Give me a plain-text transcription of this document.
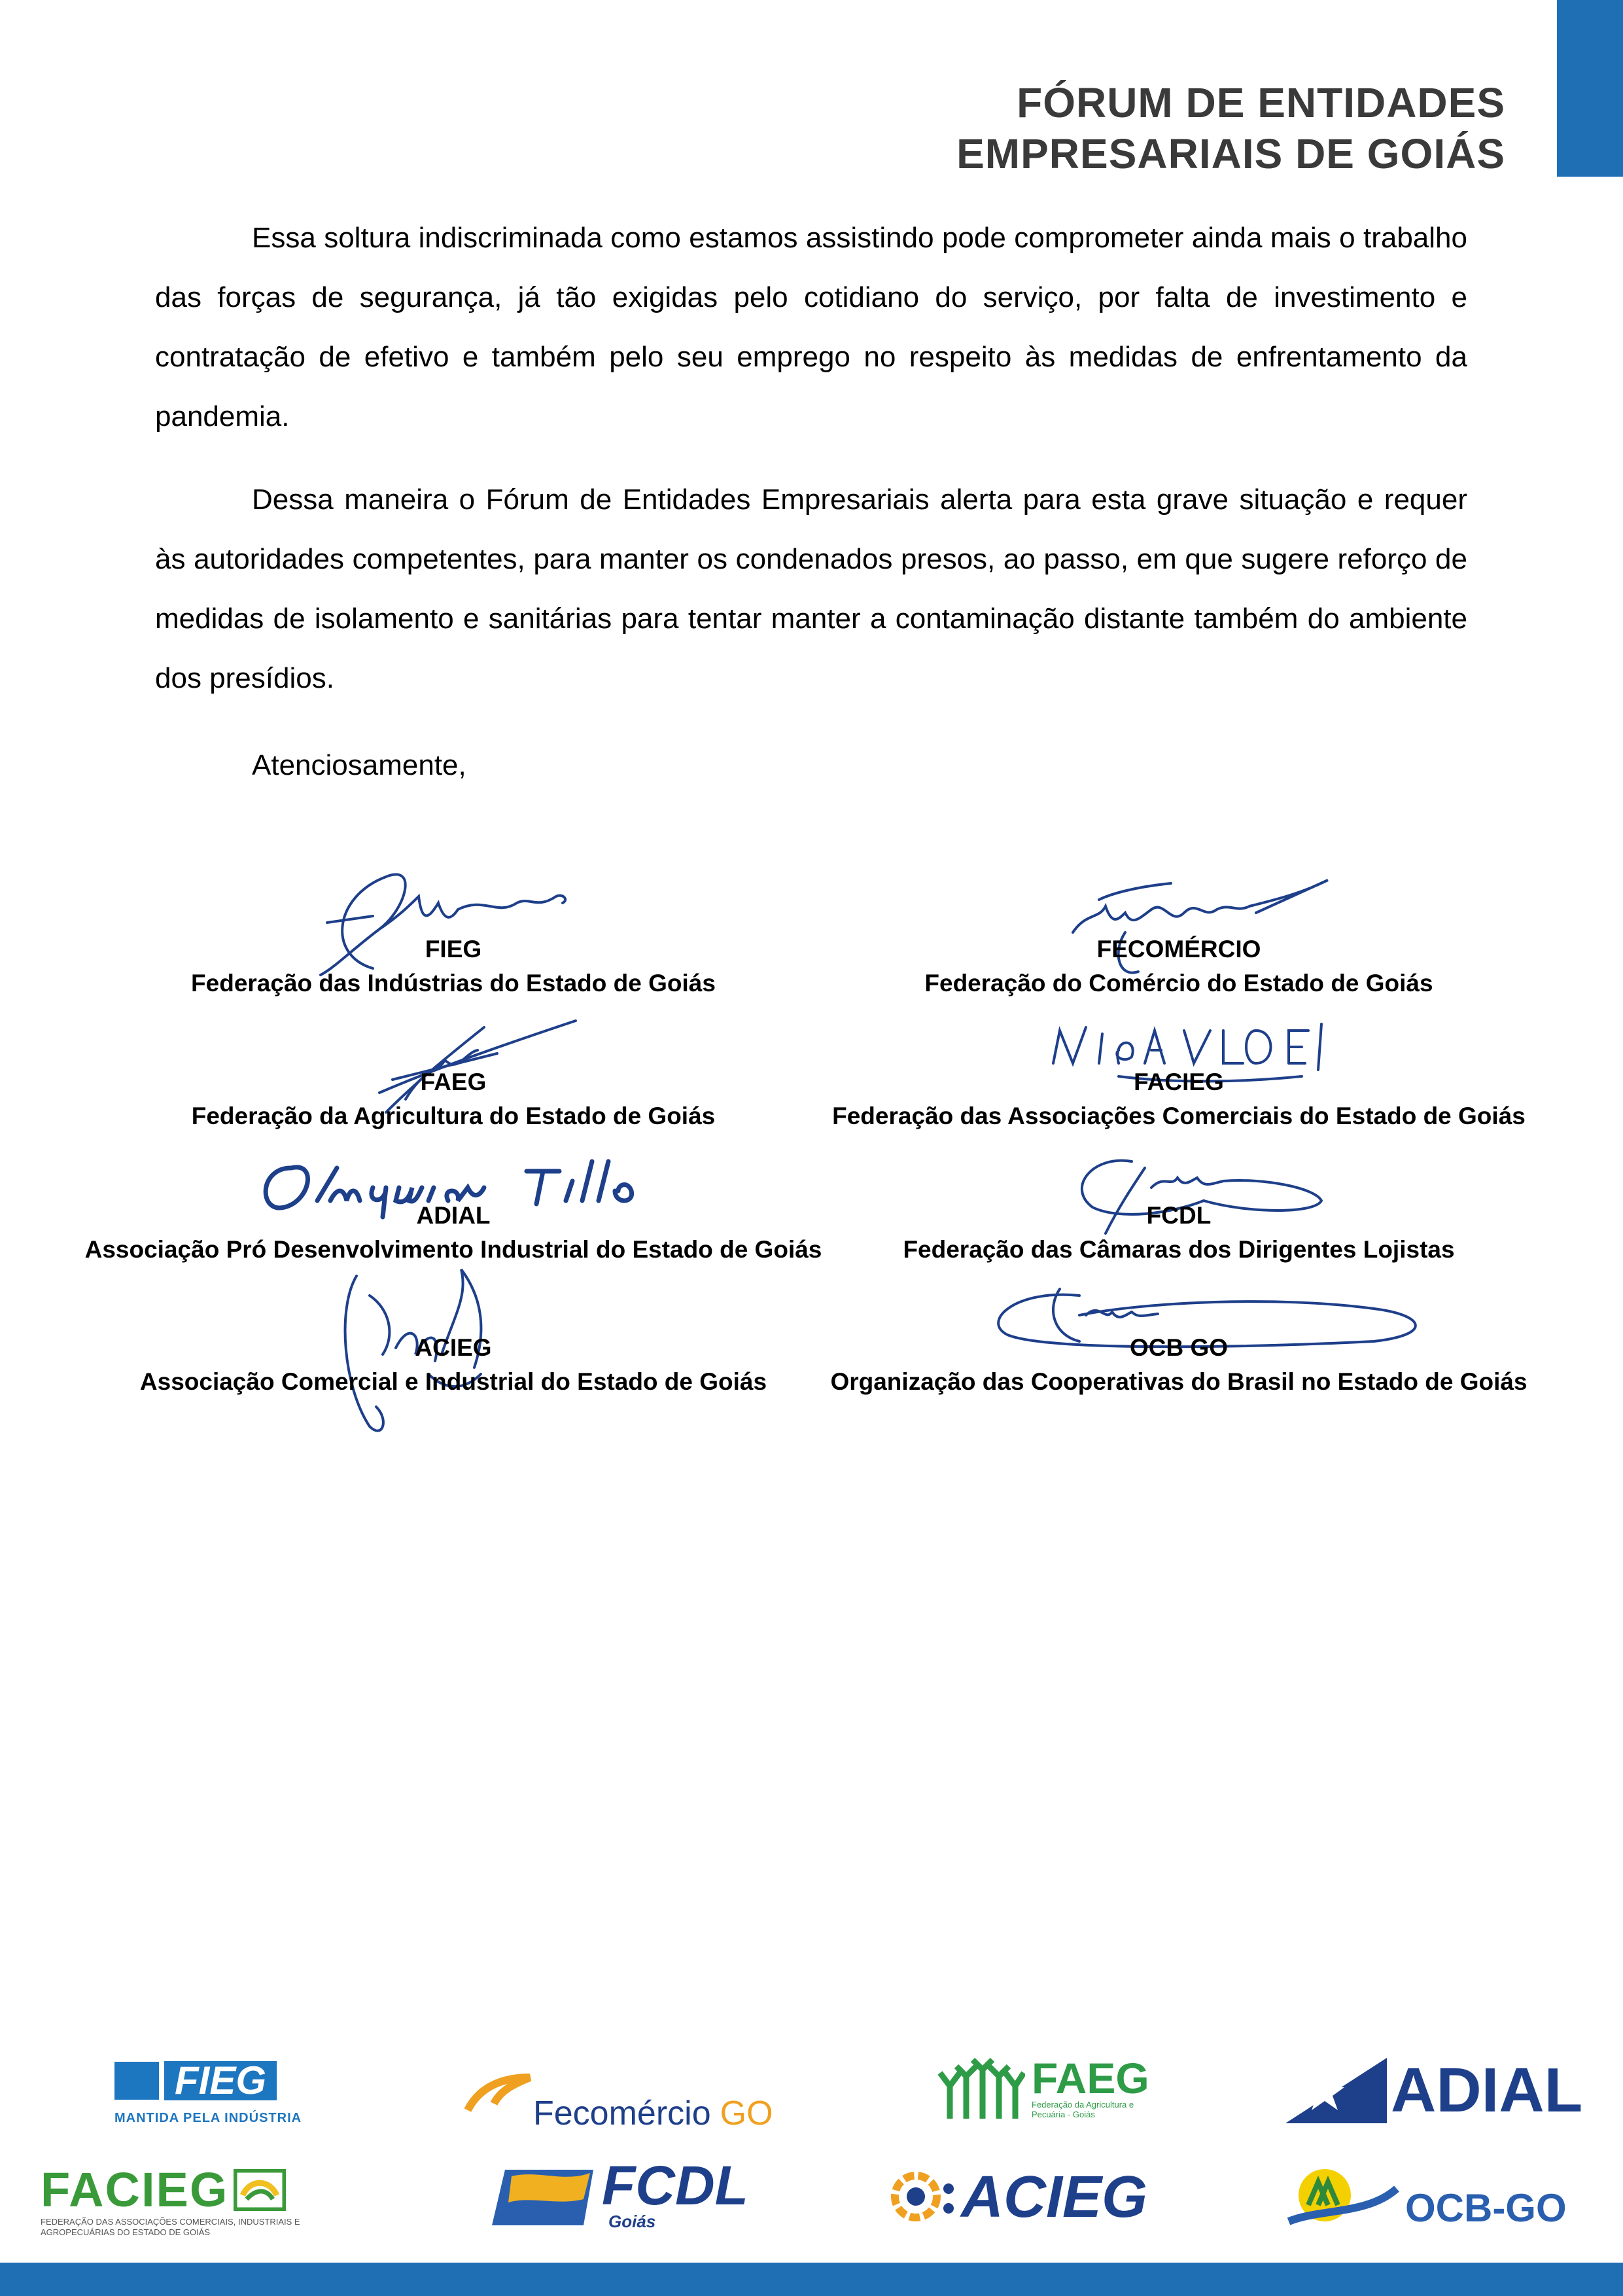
FÓRUM DE ENTIDADES
EMPRESARIAIS DE GOIÁS

Essa soltura indiscriminada como estamos assistindo pode comprometer ainda mais o trabalho das forças de segurança, já tão exigidas pelo cotidiano do serviço, por falta de investimento e contratação de efetivo e também pelo seu emprego no respeito às medidas de enfrentamento da pandemia.

Dessa maneira o Fórum de Entidades Empresariais alerta para esta grave situação e requer às autoridades competentes, para manter os condenados presos, ao passo, em que sugere reforço de medidas de isolamento e sanitárias para tentar manter a contaminação distante também do ambiente dos presídios.

Atenciosamente,
FIEG
Federação das Indústrias do Estado de Goiás
FECOMÉRCIO
Federação do Comércio do Estado de Goiás
FAEG
Federação da Agricultura do Estado de Goiás
FACIEG
Federação das Associações Comerciais do Estado de Goiás
ADIAL
Associação Pró Desenvolvimento Industrial do Estado de Goiás
FCDL
Federação das Câmaras dos Dirigentes Lojistas
ACIEG
Associação Comercial e Industrial do Estado de Goiás
OCB GO
Organização das Cooperativas do Brasil no Estado de Goiás
FIEG
MANTIDA PELA INDÚSTRIA	Fecomércio GO
FAEG
Federação da Agricultura e Pecuária - Goiás	ADIAL
FACIEG
FEDERAÇÃO DAS ASSOCIAÇÕES COMERCIAIS, INDUSTRIAIS E AGROPECUÁRIAS DO ESTADO DE GOIÁS
FCDL
Goiás	ACIEG	OCB-GO
